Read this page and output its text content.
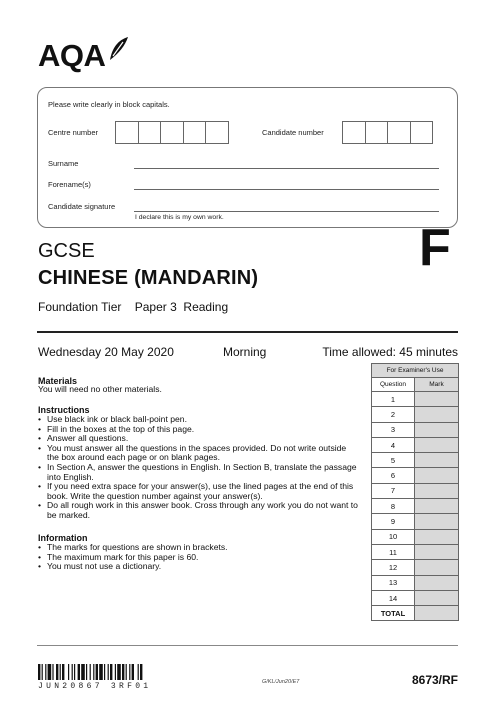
AQA
Please write clearly in block capitals.
Centre number	Candidate number
Surname
Forename(s)
Candidate signature
I declare this is my own work.
GCSE
CHINESE (MANDARIN)
Foundation Tier    Paper 3  Reading
F
Wednesday 20 May 2020	Morning	Time allowed: 45 minutes
Materials
You will need no other materials.
Instructions
• Use black ink or black ball-point pen.
• Fill in the boxes at the top of this page.
• Answer all questions.
• You must answer all the questions in the spaces provided. Do not write outside the box around each page or on blank pages.
• In Section A, answer the questions in English. In Section B, translate the passage into English.
• If you need extra space for your answer(s), use the lined pages at the end of this book. Write the question number against your answer(s).
• Do all rough work in this answer book. Cross through any work you do not want to be marked.
Information
• The marks for questions are shown in brackets.
• The maximum mark for this paper is 60.
• You must not use a dictionary.
For Examiner's Use	
Question	Mark
1	
2	
3	
4	
5	
6	
7	
8	
9	
10	
11	
12	
13	
14	
TOTAL	
JUN20867 3RF01	G/KL/Jun20/E7	8673/RF
